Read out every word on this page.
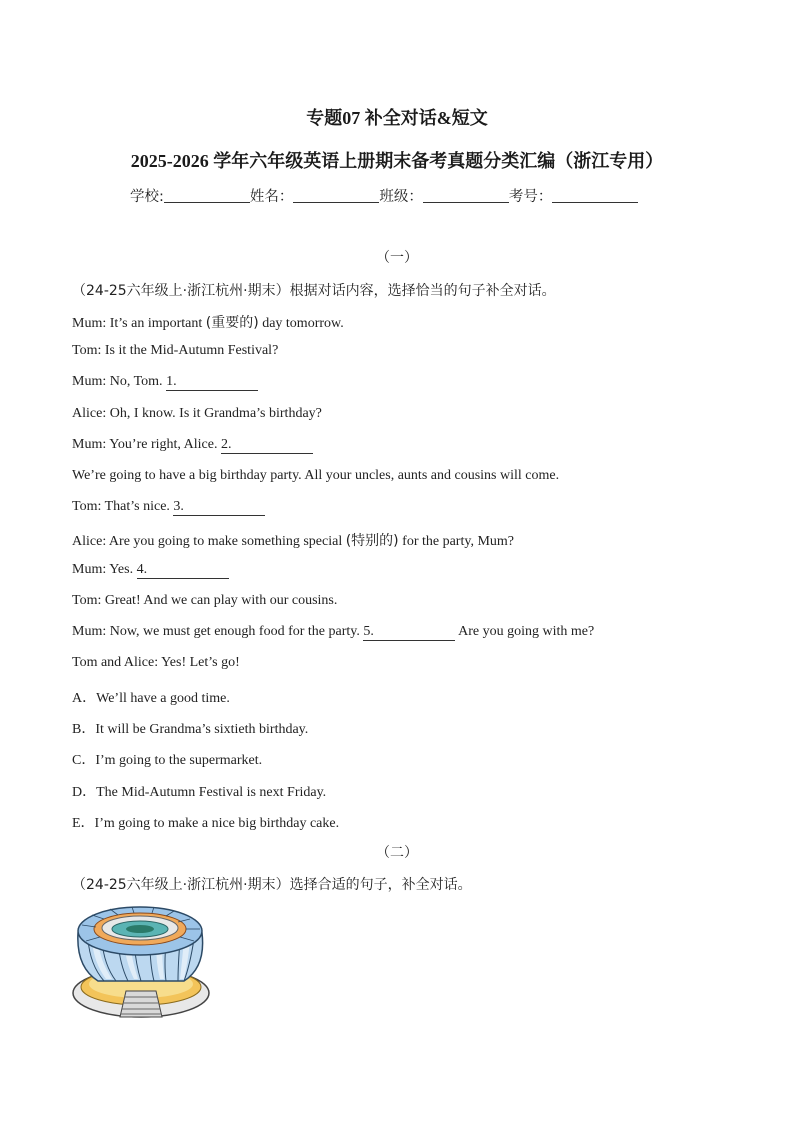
专题07 补全对话&短文
2025-2026 学年六年级英语上册期末备考真题分类汇编（浙江专用）
学校:	姓名：	班级：	考号：
（一）
（24-25六年级上·浙江杭州·期末）根据对话内容，选择恰当的句子补全对话。
Mum: It’s an important (重要的) day tomorrow.
Tom: Is it the Mid-Autumn Festival?
Mum: No, Tom. 1.
Alice: Oh, I know. Is it Grandma’s birthday?
Mum: You’re right, Alice. 2.
We’re going to have a big birthday party. All your uncles, aunts and cousins will come.
Tom: That’s nice. 3.
Alice: Are you going to make something special (特别的) for the party, Mum?
Mum: Yes. 4.
Tom: Great! And we can play with our cousins.
Mum: Now, we must get enough food for the party. 5.	Are you going with me?
Tom and Alice: Yes! Let’s go!
A．We’ll have a good time.
B．It will be Grandma’s sixtieth birthday.
C．I’m going to the supermarket.
D．The Mid-Autumn Festival is next Friday.
E．I’m going to make a nice big birthday cake.
（二）
（24-25六年级上·浙江杭州·期末）选择合适的句子，补全对话。
